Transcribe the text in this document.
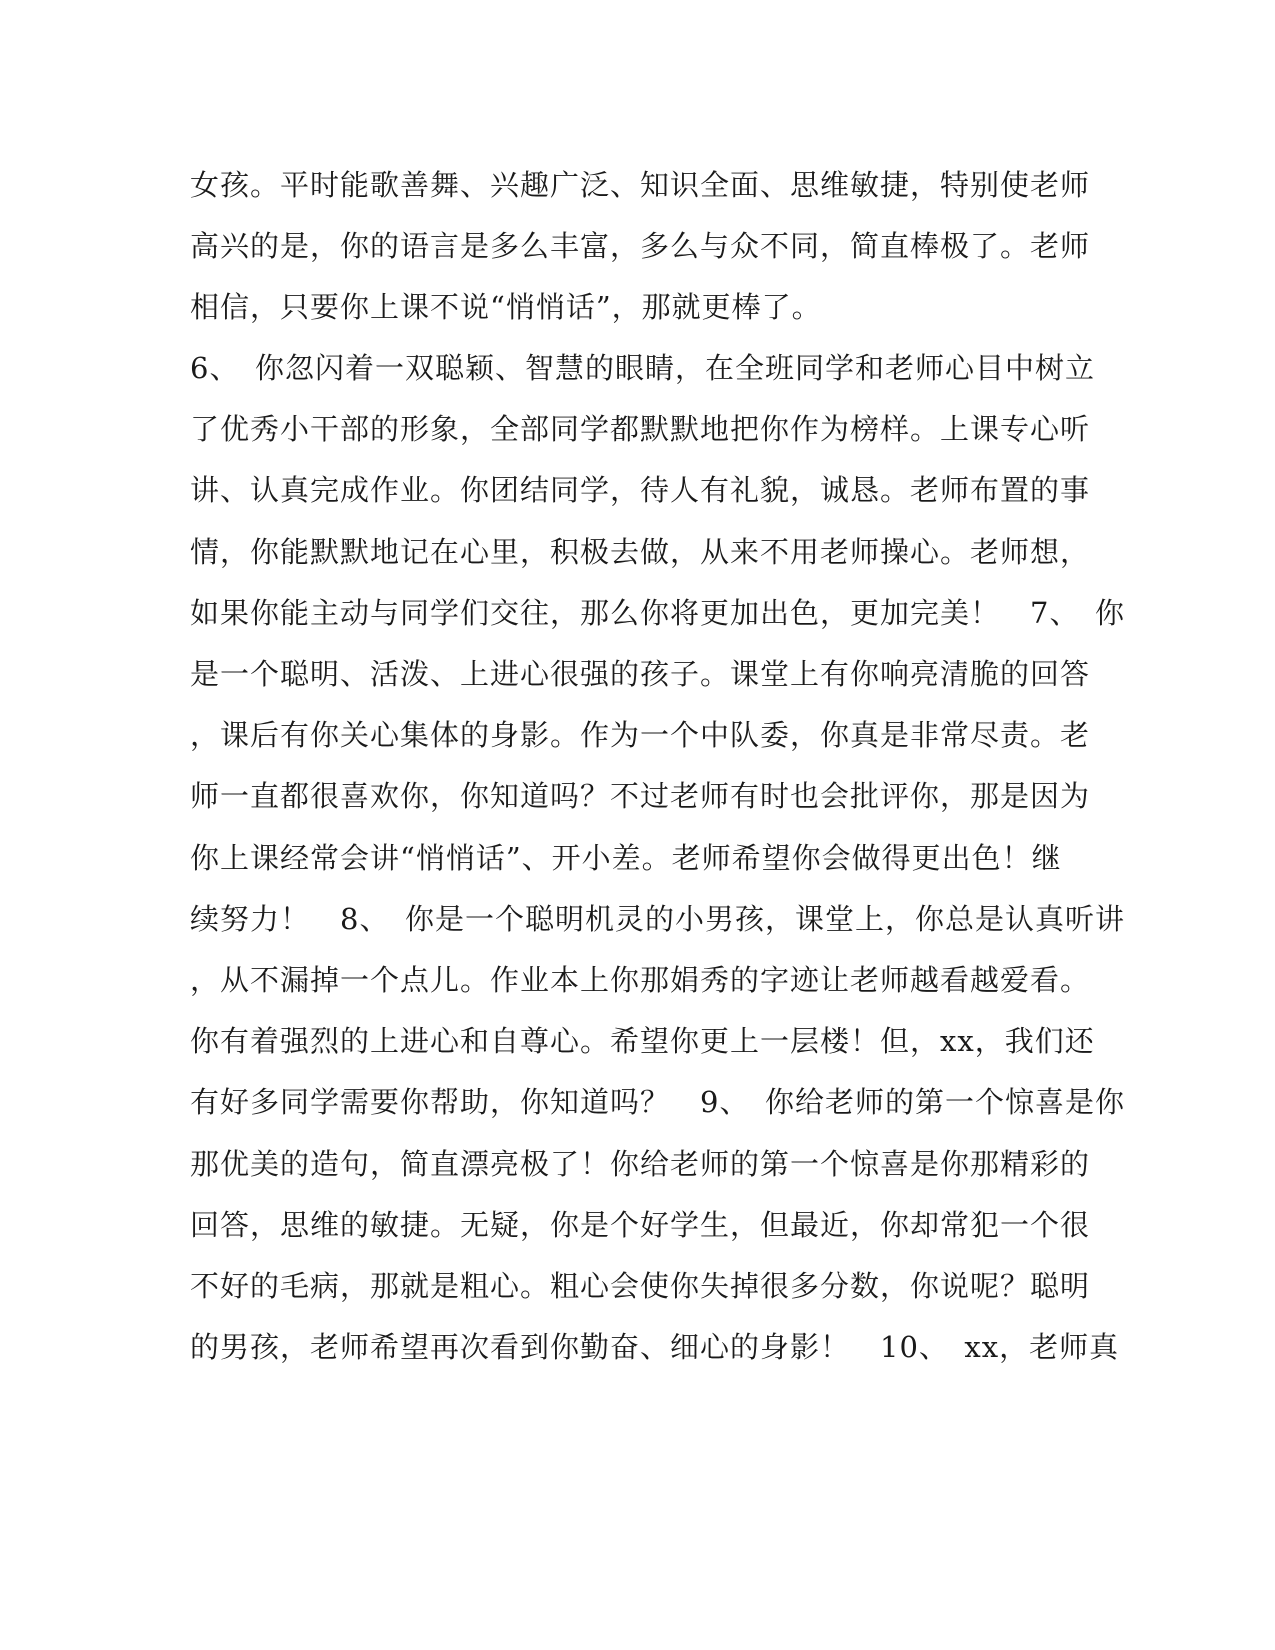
女孩。平时能歌善舞、兴趣广泛、知识全面、思维敏捷，特别使老师
高兴的是，你的语言是多么丰富，多么与众不同，简直棒极了。老师
相信，只要你上课不说“悄悄话”，那就更棒了。
6、　你忽闪着一双聪颖、智慧的眼睛，在全班同学和老师心目中树立
了优秀小干部的形象，全部同学都默默地把你作为榜样。上课专心听
讲、认真完成作业。你团结同学，待人有礼貌，诚恳。老师布置的事
情，你能默默地记在心里，积极去做，从来不用老师操心。老师想，
如果你能主动与同学们交往，那么你将更加出色，更加完美！　7、　你
是一个聪明、活泼、上进心很强的孩子。课堂上有你响亮清脆的回答
，课后有你关心集体的身影。作为一个中队委，你真是非常尽责。老
师一直都很喜欢你，你知道吗？不过老师有时也会批评你，那是因为
你上课经常会讲“悄悄话”、开小差。老师希望你会做得更出色！继
续努力！　8、　你是一个聪明机灵的小男孩，课堂上，你总是认真听讲
，从不漏掉一个点儿。作业本上你那娟秀的字迹让老师越看越爱看。
你有着强烈的上进心和自尊心。希望你更上一层楼！但，xx，我们还
有好多同学需要你帮助，你知道吗？　9、　你给老师的第一个惊喜是你
那优美的造句，简直漂亮极了！你给老师的第一个惊喜是你那精彩的
回答，思维的敏捷。无疑，你是个好学生，但最近，你却常犯一个很
不好的毛病，那就是粗心。粗心会使你失掉很多分数，你说呢？聪明
的男孩，老师希望再次看到你勤奋、细心的身影！　10、　xx，老师真
